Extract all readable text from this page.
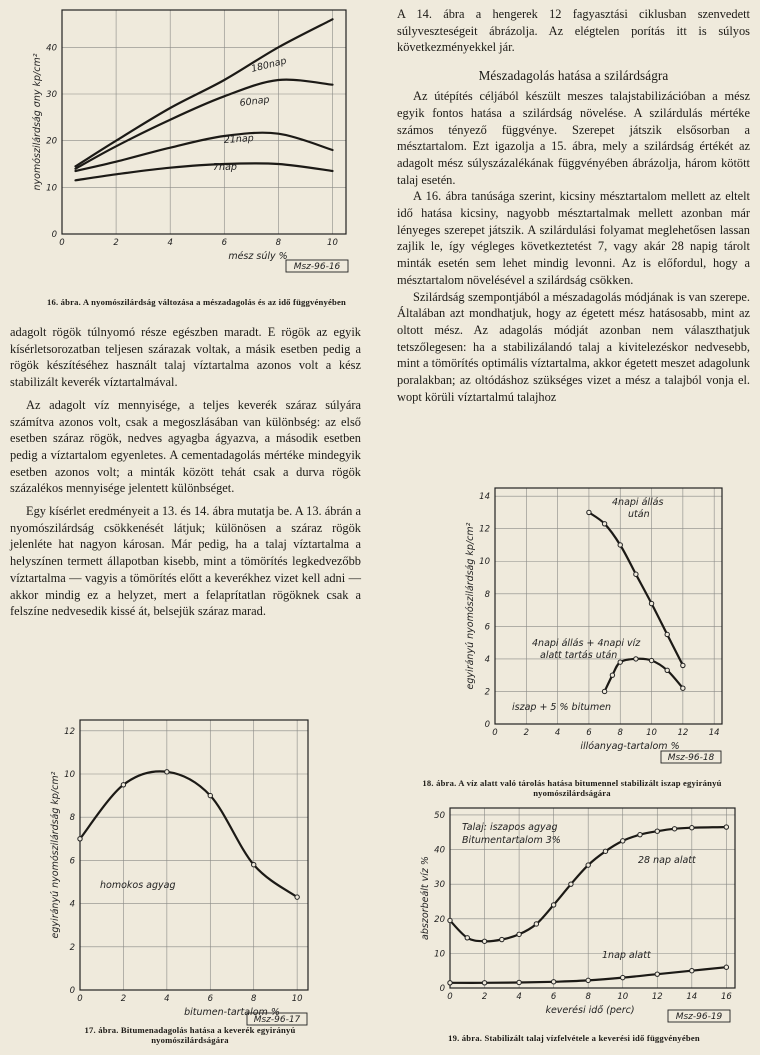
0	2	4	6	8	10
0
10
20
30
40
mész súly %
nyomószilárdság σny kp/cm²
Msz-96-16
180nap
60nap
21nap
7nap
16. ábra. A nyomószilárdság változása a mészadagolás és az idő függvényében

adagolt rögök túlnyomó része egészben maradt. E rögök az egyik kísérletsorozatban teljesen szárazak voltak, a másik esetben pedig a rögök készítéséhez használt talaj víztartalma azonos volt a kész stabilizált keverék víztartalmával.

Az adagolt víz mennyisége, a teljes keverék száraz súlyára számítva azonos volt, csak a megoszlásában van különbség: az első esetben száraz rögök, nedves agyagba ágyazva, a második esetben pedig a víztartalom egyenletes. A cementadagolás mértéke mindegyik esetben azonos volt; a minták között tehát csak a durva rögök százalékos mennyisége jelentett különbséget.

Egy kísérlet eredményeit a 13. és 14. ábra mutatja be. A 13. ábrán a nyomószilárdság csökkenését látjuk; különösen a száraz rögök jelenléte hat nagyon károsan. Már pedig, ha a talaj víztartalma a helyszínen termett állapotban kisebb, mint a tömörítés legkedvezőbb víztartalma — vagyis a tömörítés előtt a keverékhez vizet kell adni — akkor mindig ez a helyzet, mert a felaprítatlan rögöknek csak a felszíne nedvesedik kissé át, belsejük száraz marad.

0	2	4	6	8	10
0
2
4
6
8
10
12
bitumen-tartalom %
egyirányú nyomószilárdság kp/cm²
Msz-96-17
homokos agyag
17. ábra. Bitumenadagolás hatása a keverék egyirányú nyomószilárdságára

A 14. ábra a hengerek 12 fagyasztási ciklusban szenvedett súlyveszteségeit ábrázolja. Az elégtelen porítás itt is súlyos következményekkel jár.

Mészadagolás hatása a szilárdságra

Az útépítés céljából készült meszes talajstabilizációban a mész egyik fontos hatása a szilárdság növelése. A szilárdulás mértéke számos tényező függvénye. Szerepet játszik elsősorban a mésztartalom. Ezt igazolja a 15. ábra, mely a szilárdság értékét az adagolt mész súlyszázalékának függvényében ábrázolja, három kötött talaj esetén.

A 16. ábra tanúsága szerint, kicsiny mésztartalom mellett az eltelt idő hatása kicsiny, nagyobb mésztartalmak mellett azonban már lényeges szerepet játszik. A szilárdulási folyamat meglehetősen lassan zajlik le, így végleges következtetést 7, vagy akár 28 napig tárolt minták esetén sem lehet mindig levonni. Az is előfordul, hogy a mésztartalom növelésével a szilárdság csökken.

Szilárdság szempontjából a mészadagolás módjának is van szerepe. Általában azt mondhatjuk, hogy az égetett mész hatásosabb, mint az oltott mész. Az adagolás módját azonban nem választhatjuk tetszőlegesen: ha a stabilizálandó talaj a kivitelezéskor nedvesebb, mint a tömörítés optimális víztartalma, akkor égetett meszet adagolunk poralakban; az oltódáshoz szükséges vizet a mész a talajból vonja el. wopt körüli víztartalmú talajhoz

0	2	4	6	8	10 12 14
0
2
4
6
8
10
12
14
illóanyag-tartalom %
egyirányú nyomószilárdság kp/cm²
Msz-96-18
4napi állás
után
4napi állás + 4napi víz
alatt tartás után
iszap + 5 % bitumen
18. ábra. A víz alatt való tárolás hatása bitumennel stabilizált iszap egyirányú nyomószilárdságára
0	2	4	6	8	10	12	14	16
0
10
20
30
40
50
keverési idő (perc)
abszorbeált víz %
Msz-96-19
Talaj: iszapos agyag
Bitumentartalom 3%
28 nap alatt
1nap alatt
19. ábra. Stabilizált talaj vízfelvétele a keverési idő függvényében
